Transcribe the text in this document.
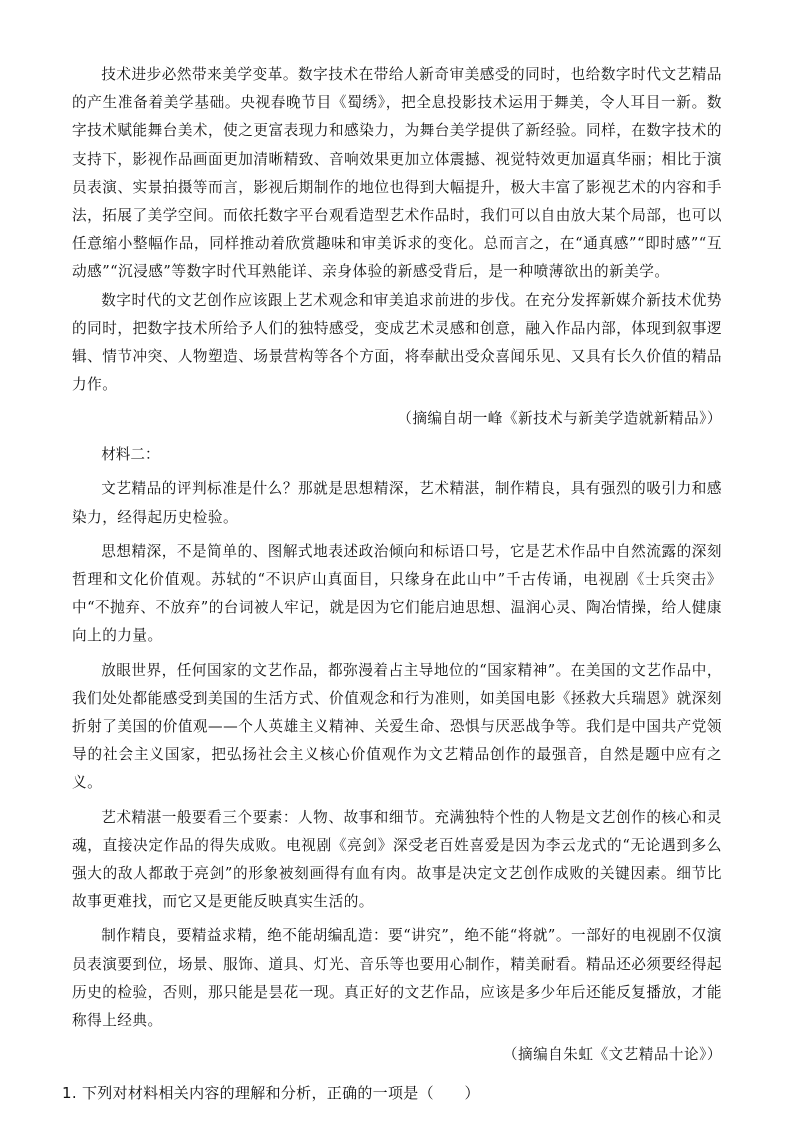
技术进步必然带来美学变革。数字技术在带给人新奇审美感受的同时，也给数字时代文艺精品的产生准备着美学基础。央视春晚节目《蜀绣》，把全息投影技术运用于舞美，令人耳目一新。数字技术赋能舞台美术，使之更富表现力和感染力，为舞台美学提供了新经验。同样，在数字技术的支持下，影视作品画面更加清晰精致、音响效果更加立体震撼、视觉特效更加逼真华丽；相比于演员表演、实景拍摄等而言，影视后期制作的地位也得到大幅提升，极大丰富了影视艺术的内容和手法，拓展了美学空间。而依托数字平台观看造型艺术作品时，我们可以自由放大某个局部，也可以任意缩小整幅作品，同样推动着欣赏趣味和审美诉求的变化。总而言之，在“通真感”“即时感”“互动感”“沉浸感”等数字时代耳熟能详、亲身体验的新感受背后，是一种喷薄欲出的新美学。

数字时代的文艺创作应该跟上艺术观念和审美追求前进的步伐。在充分发挥新媒介新技术优势的同时，把数字技术所给予人们的独特感受，变成艺术灵感和创意，融入作品内部，体现到叙事逻辑、情节冲突、人物塑造、场景营构等各个方面，将奉献出受众喜闻乐见、又具有长久价值的精品力作。

（摘编自胡一峰《新技术与新美学造就新精品》）

材料二：

文艺精品的评判标准是什么？那就是思想精深，艺术精湛，制作精良，具有强烈的吸引力和感染力，经得起历史检验。

思想精深，不是简单的、图解式地表述政治倾向和标语口号，它是艺术作品中自然流露的深刻哲理和文化价值观。苏轼的“不识庐山真面目，只缘身在此山中”千古传诵，电视剧《士兵突击》中“不抛弃、不放弃”的台词被人牢记，就是因为它们能启迪思想、温润心灵、陶冶情操，给人健康向上的力量。

放眼世界，任何国家的文艺作品，都弥漫着占主导地位的“国家精神”。在美国的文艺作品中，我们处处都能感受到美国的生活方式、价值观念和行为准则，如美国电影《拯救大兵瑞恩》就深刻折射了美国的价值观——个人英雄主义精神、关爱生命、恐惧与厌恶战争等。我们是中国共产党领导的社会主义国家，把弘扬社会主义核心价值观作为文艺精品创作的最强音，自然是题中应有之义。

艺术精湛一般要看三个要素：人物、故事和细节。充满独特个性的人物是文艺创作的核心和灵魂，直接决定作品的得失成败。电视剧《亮剑》深受老百姓喜爱是因为李云龙式的“无论遇到多么强大的敌人都敢于亮剑”的形象被刻画得有血有肉。故事是决定文艺创作成败的关键因素。细节比故事更难找，而它又是更能反映真实生活的。

制作精良，要精益求精，绝不能胡编乱造：要“讲究”，绝不能“将就”。一部好的电视剧不仅演员表演要到位，场景、服饰、道具、灯光、音乐等也要用心制作，精美耐看。精品还必须要经得起历史的检验，否则，那只能是昙花一现。真正好的文艺作品，应该是多少年后还能反复播放，才能称得上经典。

（摘编自朱虹《文艺精品十论》）

1. 下列对材料相关内容的理解和分析，正确的一项是（　　）
